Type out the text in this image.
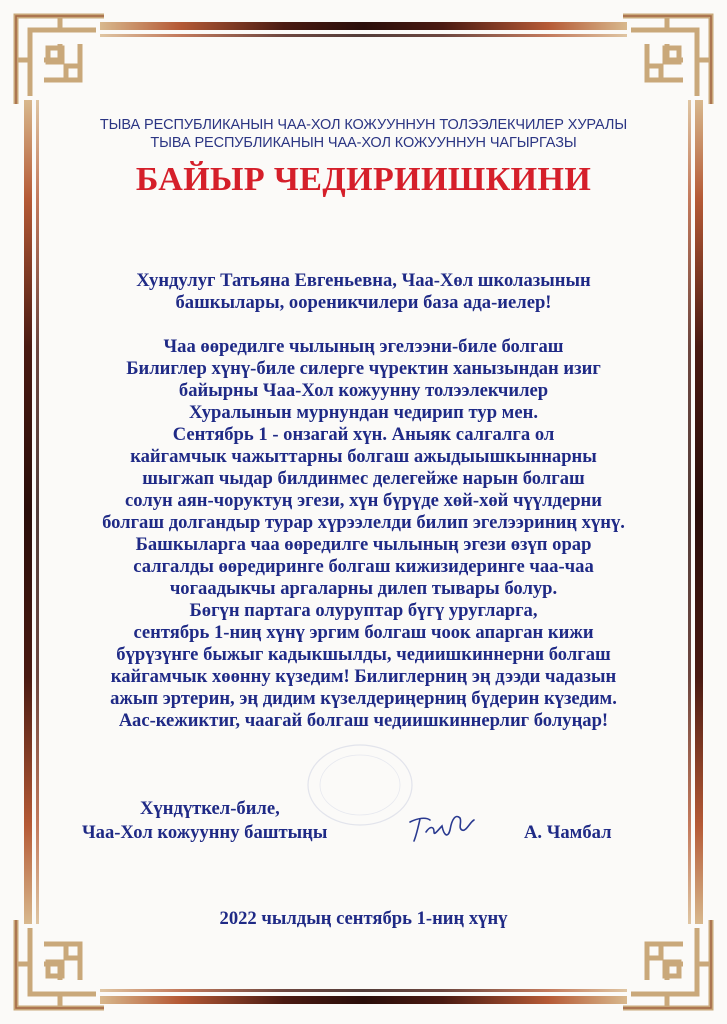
ТЫВА РЕСПУБЛИКАНЫН ЧАА-ХОЛ КОЖУУННУН ТОЛЭЭЛЕКЧИЛЕР ХУРАЛЫ
ТЫВА РЕСПУБЛИКАНЫН ЧАА-ХОЛ КОЖУУННУН ЧАГЫРГАЗЫ
БАЙЫР ЧЕДИРИИШКИНИ
Хундулуг Татьяна Евгеньевна, Чаа-Хөл школазынын
башкылары, оореникчилери база ада-иелер!
Чаа өөредилге чылының эгелээни-биле болгаш
Билиглер хүнү-биле силерге чүректин ханызындан изиг
байырны Чаа-Хол кожуунну толээлекчилер
Хуралынын мурнундан чедирип тур мен.
Сентябрь 1 - онзагай хүн. Аныяк салгалга ол
кайгамчык чажыттарны болгаш ажыдыышкыннарны
шыгжап чыдар билдинмес делегейже нарын болгаш
солун аян-чоруктуң эгези, хүн бүрүде хөй-хөй чүүлдерни
болгаш долгандыр турар хүрээлелди билип эгелээриниң хүнү.
Башкыларга чаа өөредилге чылының эгези өзүп орар
салгалды өөредиринге болгаш кижизидеринге чаа-чаа
чогаадыкчы аргаларны дилеп тывары болур.
Бөгүн партага олуруптар бүгү уругларга,
сентябрь 1-ниң хүнү эргим болгаш чоок апарган кижи
бүрүзүнге быжыг кадыкшылды, чедиишкиннерни болгаш
кайгамчык хөөнну күзедим! Билиглерниң эң дээди чадазын
ажып эртерин, эң дидим күзелдериңерниң бүдерин күзедим.
Аас-кежиктиг, чаагай болгаш чедиишкиннерлиг болуңар!
Хүндүткел-биле,
Чаа-Хол кожуунну баштыңы	А. Чамбал
2022 чылдың сентябрь 1-ниң хүнү
